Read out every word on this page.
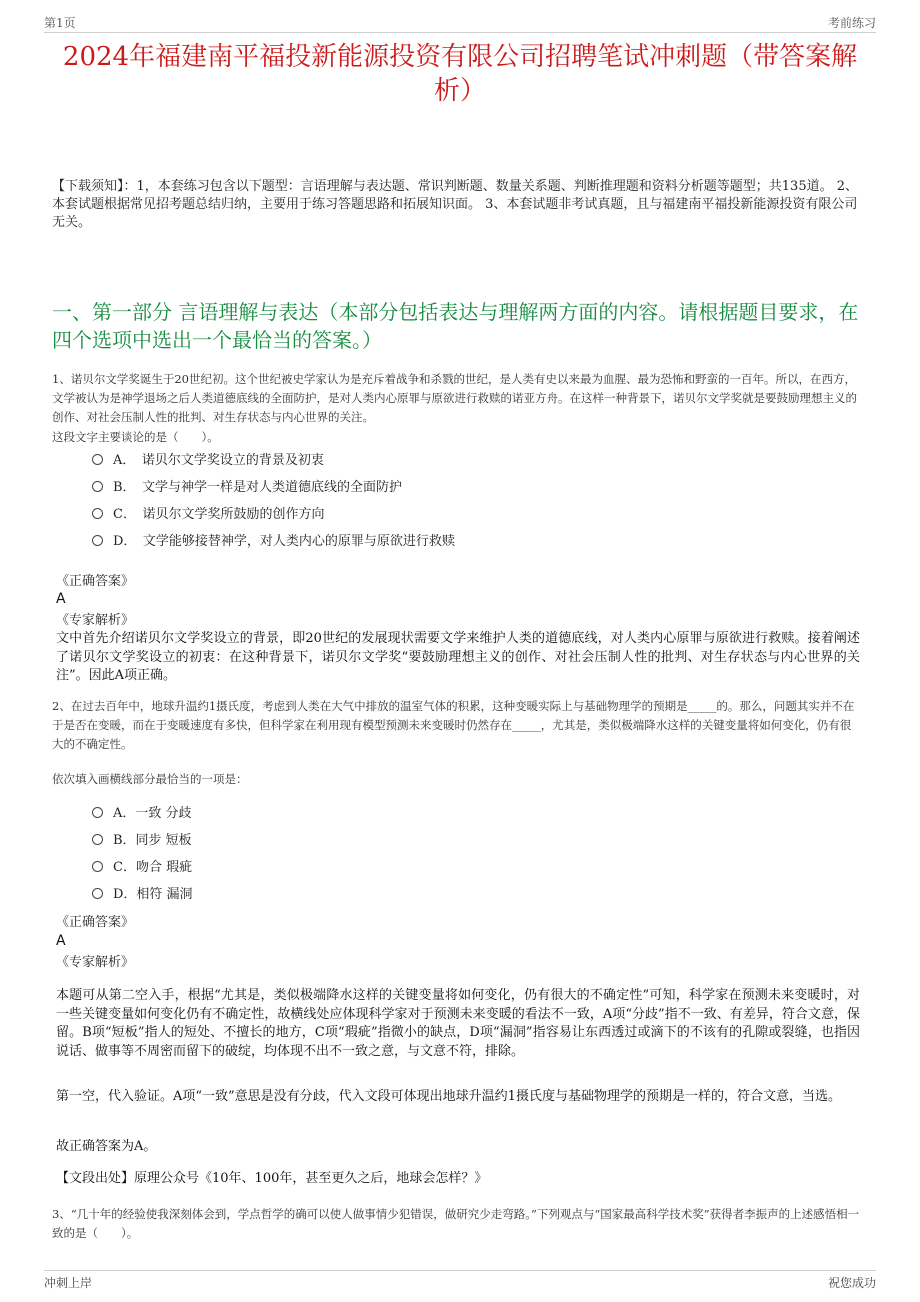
第1页	考前练习
2024年福建南平福投新能源投资有限公司招聘笔试冲刺题（带答案解析）
【下载须知】：1，本套练习包含以下题型：言语理解与表达题、常识判断题、数量关系题、判断推理题和资料分析题等题型；共135道。 2、本套试题根据常见招考题总结归纳，主要用于练习答题思路和拓展知识面。 3、本套试题非考试真题，且与福建南平福投新能源投资有限公司无关。
一、第一部分 言语理解与表达（本部分包括表达与理解两方面的内容。请根据题目要求，在四个选项中选出一个最恰当的答案。）
1、诺贝尔文学奖诞生于20世纪初。这个世纪被史学家认为是充斥着战争和杀戮的世纪，是人类有史以来最为血腥、最为恐怖和野蛮的一百年。所以，在西方，文学被认为是神学退场之后人类道德底线的全面防护，是对人类内心原罪与原欲进行救赎的诺亚方舟。在这样一种背景下，诺贝尔文学奖就是要鼓励理想主义的创作、对社会压制人性的批判、对生存状态与内心世界的关注。
这段文字主要谈论的是（　　）。
A．　诺贝尔文学奖设立的背景及初衷
B．　文学与神学一样是对人类道德底线的全面防护
C．　诺贝尔文学奖所鼓励的创作方向
D．　文学能够接替神学，对人类内心的原罪与原欲进行救赎
《正确答案》
A
《专家解析》
文中首先介绍诺贝尔文学奖设立的背景，即20世纪的发展现状需要文学来维护人类的道德底线，对人类内心原罪与原欲进行救赎。接着阐述了诺贝尔文学奖设立的初衷：在这种背景下，诺贝尔文学奖“要鼓励理想主义的创作、对社会压制人性的批判、对生存状态与内心世界的关注”。因此A项正确。
2、在过去百年中，地球升温约1摄氏度，考虑到人类在大气中排放的温室气体的积累，这种变暖实际上与基础物理学的预期是_____的。那么，问题其实并不在于是否在变暖，而在于变暖速度有多快，但科学家在利用现有模型预测未来变暖时仍然存在_____，尤其是，类似极端降水这样的关键变量将如何变化，仍有很大的不确定性。
依次填入画横线部分最恰当的一项是：
A．一致 分歧
B．同步 短板
C．吻合 瑕疵
D．相符 漏洞
《正确答案》
A
《专家解析》
本题可从第二空入手，根据“尤其是，类似极端降水这样的关键变量将如何变化，仍有很大的不确定性”可知，科学家在预测未来变暖时，对一些关键变量如何变化仍有不确定性，故横线处应体现科学家对于预测未来变暖的看法不一致，A项“分歧”指不一致、有差异，符合文意，保留。B项“短板”指人的短处、不擅长的地方，C项“瑕疵”指微小的缺点，D项“漏洞”指容易让东西透过或滴下的不该有的孔隙或裂缝，也指因说话、做事等不周密而留下的破绽，均体现不出不一致之意，与文意不符，排除。
第一空，代入验证。A项“一致”意思是没有分歧，代入文段可体现出地球升温约1摄氏度与基础物理学的预期是一样的，符合文意，当选。
故正确答案为A。
【文段出处】原理公众号《10年、100年，甚至更久之后，地球会怎样？》
3、“几十年的经验使我深刻体会到，学点哲学的确可以使人做事情少犯错误，做研究少走弯路。”下列观点与“国家最高科学技术奖”获得者李振声的上述感悟相一致的是（　　）。
冲刺上岸	祝您成功
